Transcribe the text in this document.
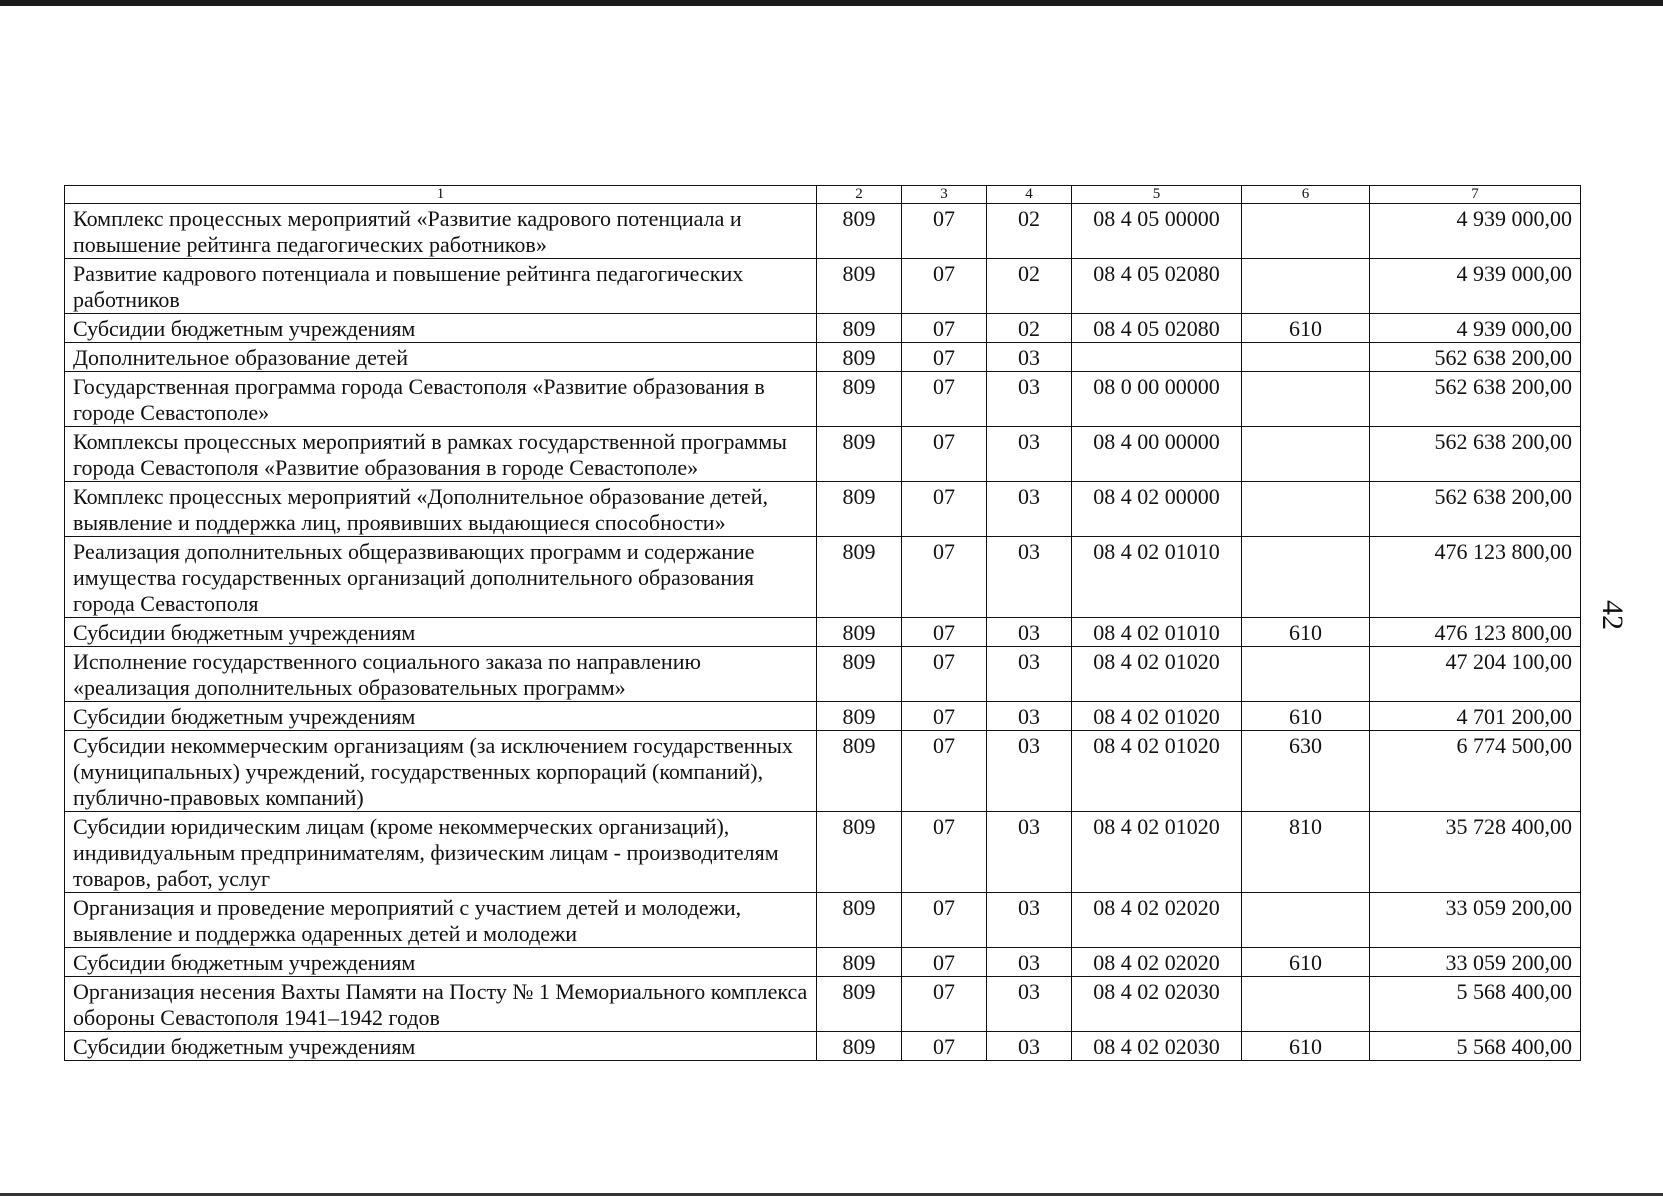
1	2	3	4	5	6	7
Комплекс процессных мероприятий «Развитие кадрового потенциала и повышение рейтинга педагогических работников»	809	07	02	08 4 05 00000		4 939 000,00
Развитие кадрового потенциала и повышение рейтинга педагогических работников	809	07	02	08 4 05 02080		4 939 000,00
Субсидии бюджетным учреждениям	809	07	02	08 4 05 02080	610	4 939 000,00
Дополнительное образование детей	809	07	03			562 638 200,00
Государственная программа города Севастополя «Развитие образования в городе Севастополе»	809	07	03	08 0 00 00000		562 638 200,00
Комплексы процессных мероприятий в рамках государственной программы города Севастополя «Развитие образования в городе Севастополе»	809	07	03	08 4 00 00000		562 638 200,00
Комплекс процессных мероприятий «Дополнительное образование детей, выявление и поддержка лиц, проявивших выдающиеся способности»	809	07	03	08 4 02 00000		562 638 200,00
Реализация дополнительных общеразвивающих программ и содержание имущества государственных организаций дополнительного образования города Севастополя	809	07	03	08 4 02 01010		476 123 800,00
Субсидии бюджетным учреждениям	809	07	03	08 4 02 01010	610	476 123 800,00
Исполнение государственного социального заказа по направлению «реализация дополнительных образовательных программ»	809	07	03	08 4 02 01020		47 204 100,00
Субсидии бюджетным учреждениям	809	07	03	08 4 02 01020	610	4 701 200,00
Субсидии некоммерческим организациям (за исключением государственных (муниципальных) учреждений, государственных корпораций (компаний), публично-правовых компаний)	809	07	03	08 4 02 01020	630	6 774 500,00
Субсидии юридическим лицам (кроме некоммерческих организаций), индивидуальным предпринимателям, физическим лицам - производителям товаров, работ, услуг	809	07	03	08 4 02 01020	810	35 728 400,00
Организация и проведение мероприятий с участием детей и молодежи, выявление и поддержка одаренных детей и молодежи	809	07	03	08 4 02 02020		33 059 200,00
Субсидии бюджетным учреждениям	809	07	03	08 4 02 02020	610	33 059 200,00
Организация несения Вахты Памяти на Посту № 1 Мемориального комплекса обороны Севастополя 1941–1942 годов	809	07	03	08 4 02 02030		5 568 400,00
Субсидии бюджетным учреждениям	809	07	03	08 4 02 02030	610	5 568 400,00
42
